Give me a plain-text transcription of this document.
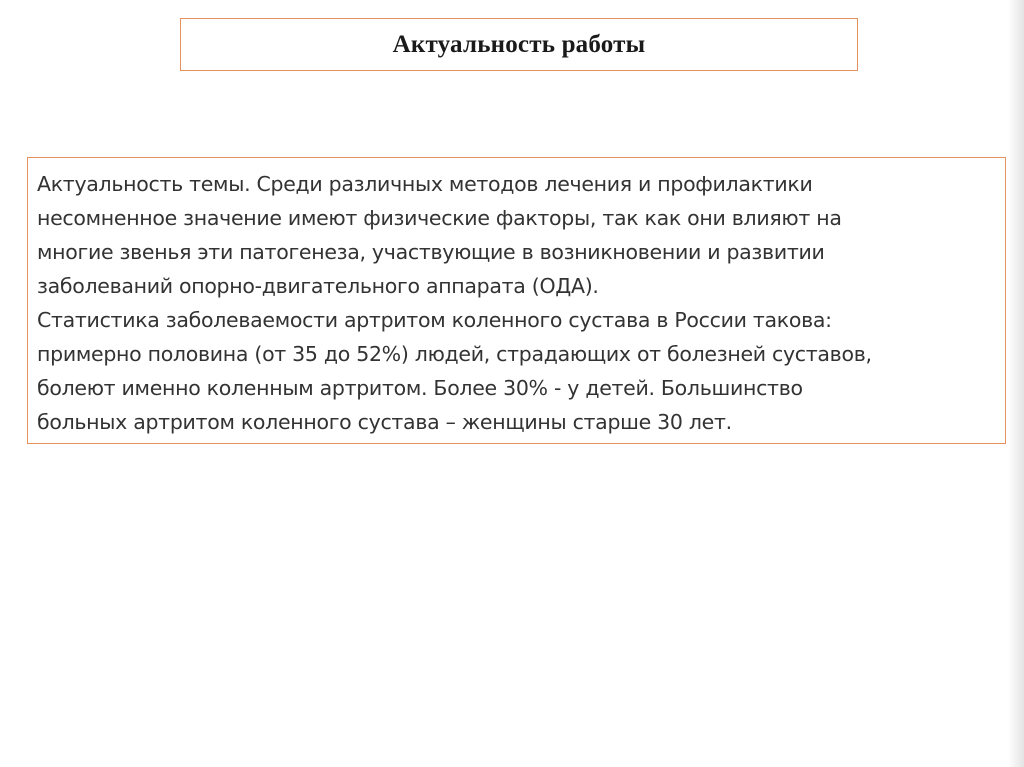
Актуальность работы

Актуальность темы. Среди различных методов лечения и профилактики
несомненное значение имеют физические факторы, так как они влияют на
многие звенья эти патогенеза, участвующие в возникновении и развитии
заболеваний опорно-двигательного аппарата (ОДА).

Статистика заболеваемости артритом коленного сустава в России такова:
примерно половина (от 35 до 52%) людей, страдающих от болезней суставов,
болеют именно коленным артритом. Более 30% - у детей. Большинство
больных артритом коленного сустава – женщины старше 30 лет.
